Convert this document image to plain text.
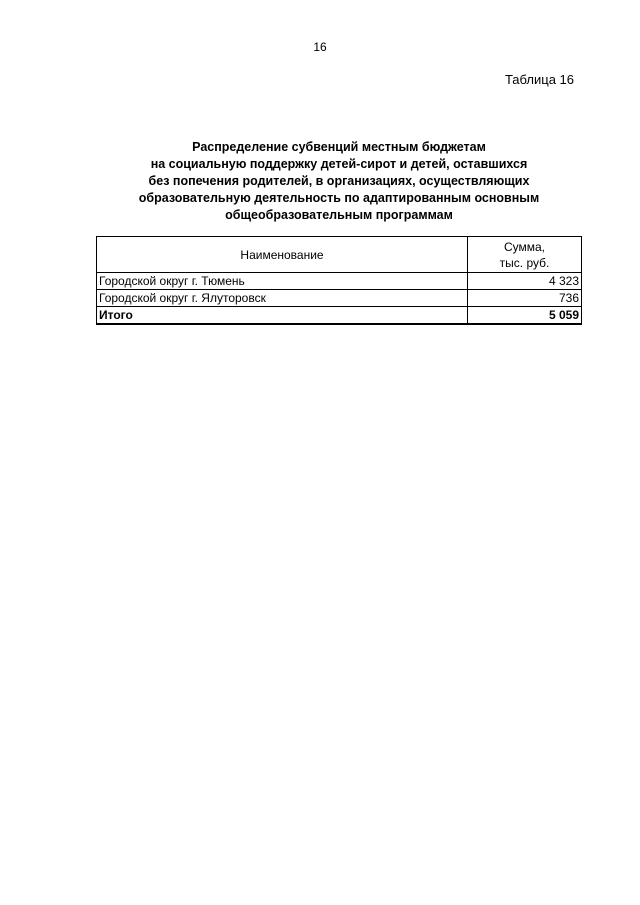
16
Таблица 16
Распределение субвенций местным бюджетам
на социальную поддержку детей-сирот и детей, оставшихся
без попечения родителей, в организациях, осуществляющих
образовательную деятельность по адаптированным основным
общеобразовательным программам
Наименование	Сумма,
тыс. руб.
Городской округ г. Тюмень	4 323
Городской округ г. Ялуторовск	736
Итого	5 059
